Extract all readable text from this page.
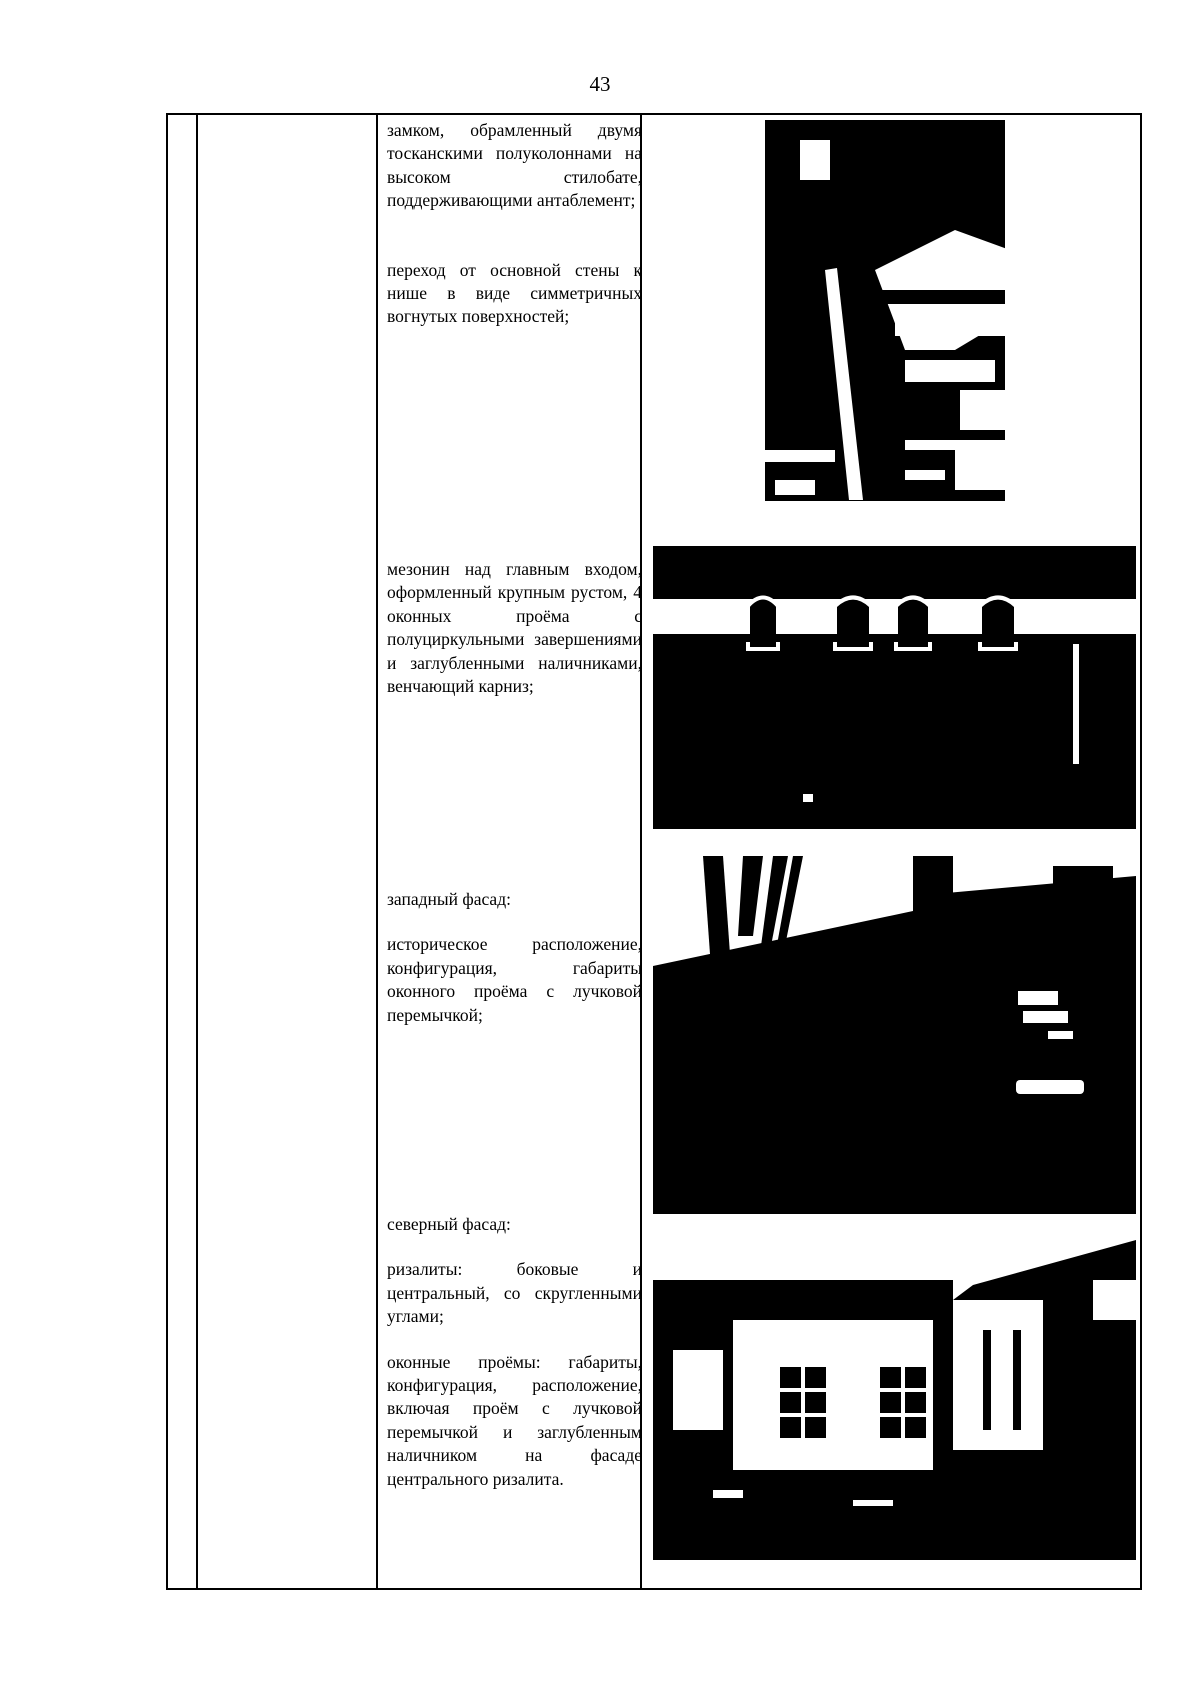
43

замком, обрамленный двумя тосканскими полуколоннами на высоком стилобате, поддерживающими антаблемент;

переход от основной стены к нише в виде симметричных вогнутых поверхностей;

мезонин над главным входом, оформленный крупным рустом, 4 оконных проёма с полуциркульными завершениями и заглубленными наличниками, венчающий карниз;

западный фасад:

историческое расположение, конфигурация, габариты оконного проёма с лучковой перемычкой;

северный фасад:

ризалиты: боковые и центральный, со скругленными углами;

оконные проёмы: габариты, конфигурация, расположение, включая проём с лучковой перемычкой и заглубленным наличником на фасаде центрального ризалита.
